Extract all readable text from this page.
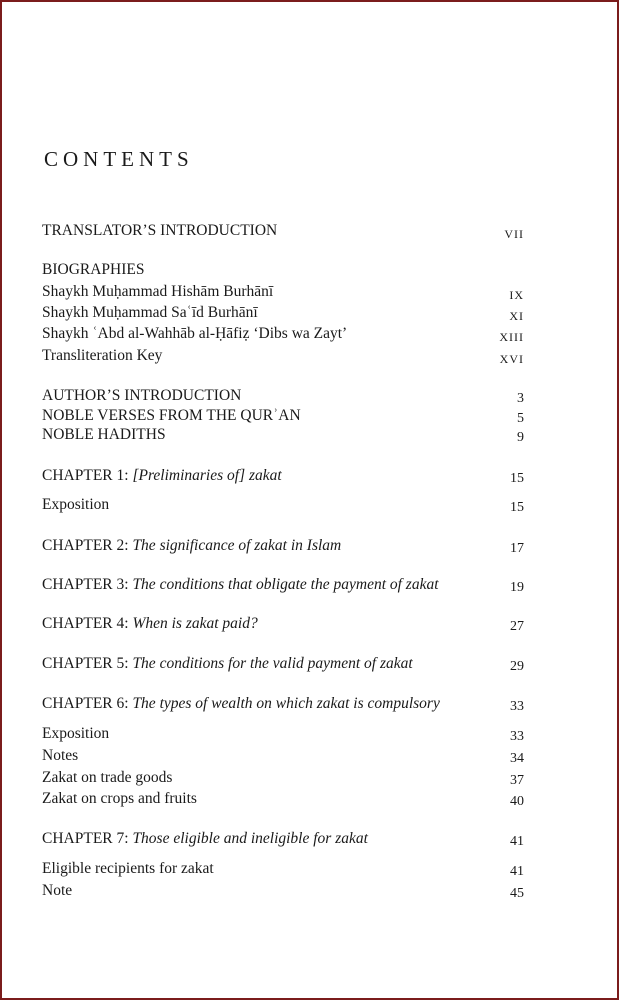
CONTENTS
TRANSLATOR’S INTRODUCTION	VII
BIOGRAPHIES
Shaykh Muḥammad Hishām Burhānī	IX
Shaykh Muḥammad Saʿīd Burhānī	XI
Shaykh ʿAbd al-Wahhāb al-Ḥāfiẓ ‘Dibs wa Zayt’	XIII
Transliteration Key	XVI
AUTHOR’S INTRODUCTION	3
NOBLE VERSES FROM THE QURʾAN	5
NOBLE HADITHS	9
CHAPTER 1: [Preliminaries of] zakat	15
Exposition	15
CHAPTER 2: The significance of zakat in Islam	17
CHAPTER 3: The conditions that obligate the payment of zakat	19
CHAPTER 4: When is zakat paid?	27
CHAPTER 5: The conditions for the valid payment of zakat	29
CHAPTER 6: The types of wealth on which zakat is compulsory	33
Exposition	33
Notes	34
Zakat on trade goods	37
Zakat on crops and fruits	40
CHAPTER 7: Those eligible and ineligible for zakat	41
Eligible recipients for zakat	41
Note	45
